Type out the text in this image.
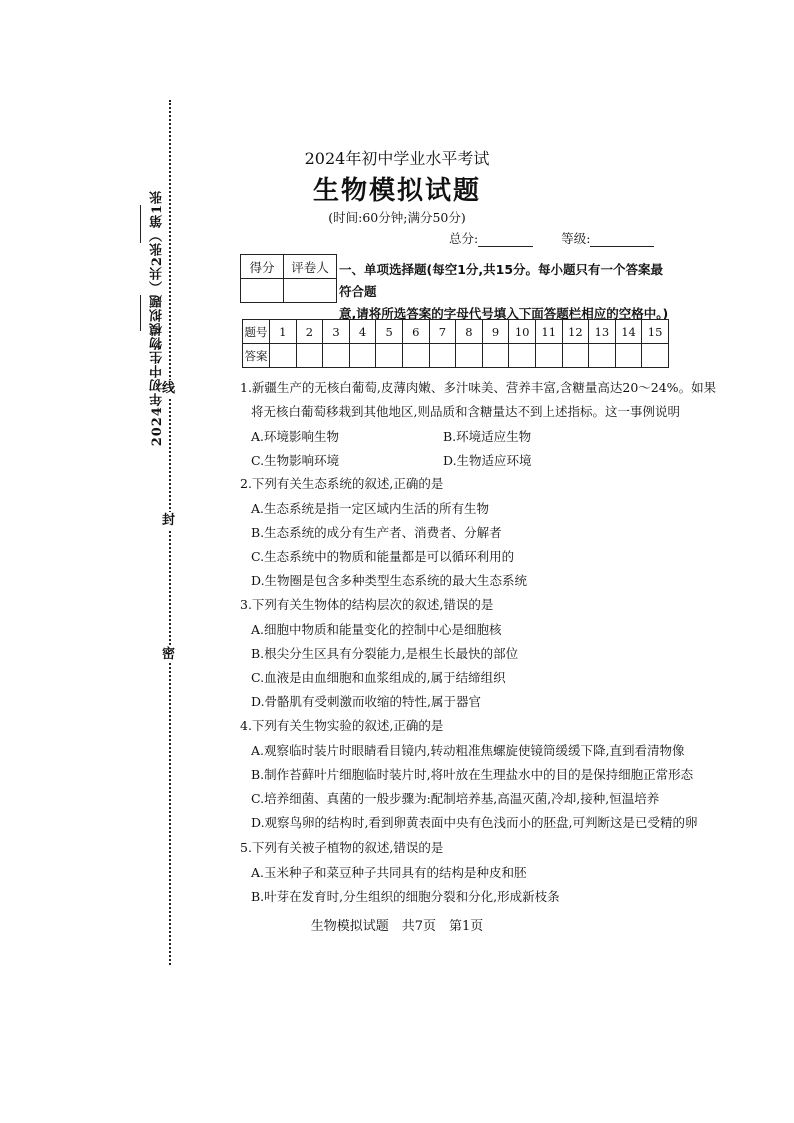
线
封
密
2024年初中生物模拟题（共2张）第1张
2024年初中学业水平考试
生物模拟试题
(时间:60分钟;满分50分)
总分:	等级:
得分	评卷人
	一、单项选择题(每空1分,共15分。每小题只有一个答案最符合题
意,请将所选答案的字母代号填入下面答题栏相应的空格中。)
题号	1	2	3	4	5	6	7	8	9	10	11	12	13	14	15
答案															
1.新疆生产的无核白葡萄,皮薄肉嫩、多汁味美、营养丰富,含糖量高达20～24%。如果
将无核白葡萄移栽到其他地区,则品质和含糖量达不到上述指标。这一事例说明
A.环境影响生物	B.环境适应生物
C.生物影响环境	D.生物适应环境
2.下列有关生态系统的叙述,正确的是
A.生态系统是指一定区域内生活的所有生物
B.生态系统的成分有生产者、消费者、分解者
C.生态系统中的物质和能量都是可以循环利用的
D.生物圈是包含多种类型生态系统的最大生态系统
3.下列有关生物体的结构层次的叙述,错误的是
A.细胞中物质和能量变化的控制中心是细胞核
B.根尖分生区具有分裂能力,是根生长最快的部位
C.血液是由血细胞和血浆组成的,属于结缔组织
D.骨骼肌有受刺激而收缩的特性,属于器官
4.下列有关生物实验的叙述,正确的是
A.观察临时装片时眼睛看目镜内,转动粗准焦螺旋使镜筒缓缓下降,直到看清物像
B.制作苔藓叶片细胞临时装片时,将叶放在生理盐水中的目的是保持细胞正常形态
C.培养细菌、真菌的一般步骤为:配制培养基,高温灭菌,冷却,接种,恒温培养
D.观察鸟卵的结构时,看到卵黄表面中央有色浅而小的胚盘,可判断这是已受精的卵
5.下列有关被子植物的叙述,错误的是
A.玉米种子和菜豆种子共同具有的结构是种皮和胚
B.叶芽在发育时,分生组织的细胞分裂和分化,形成新枝条
生物模拟试题　共7页　第1页
